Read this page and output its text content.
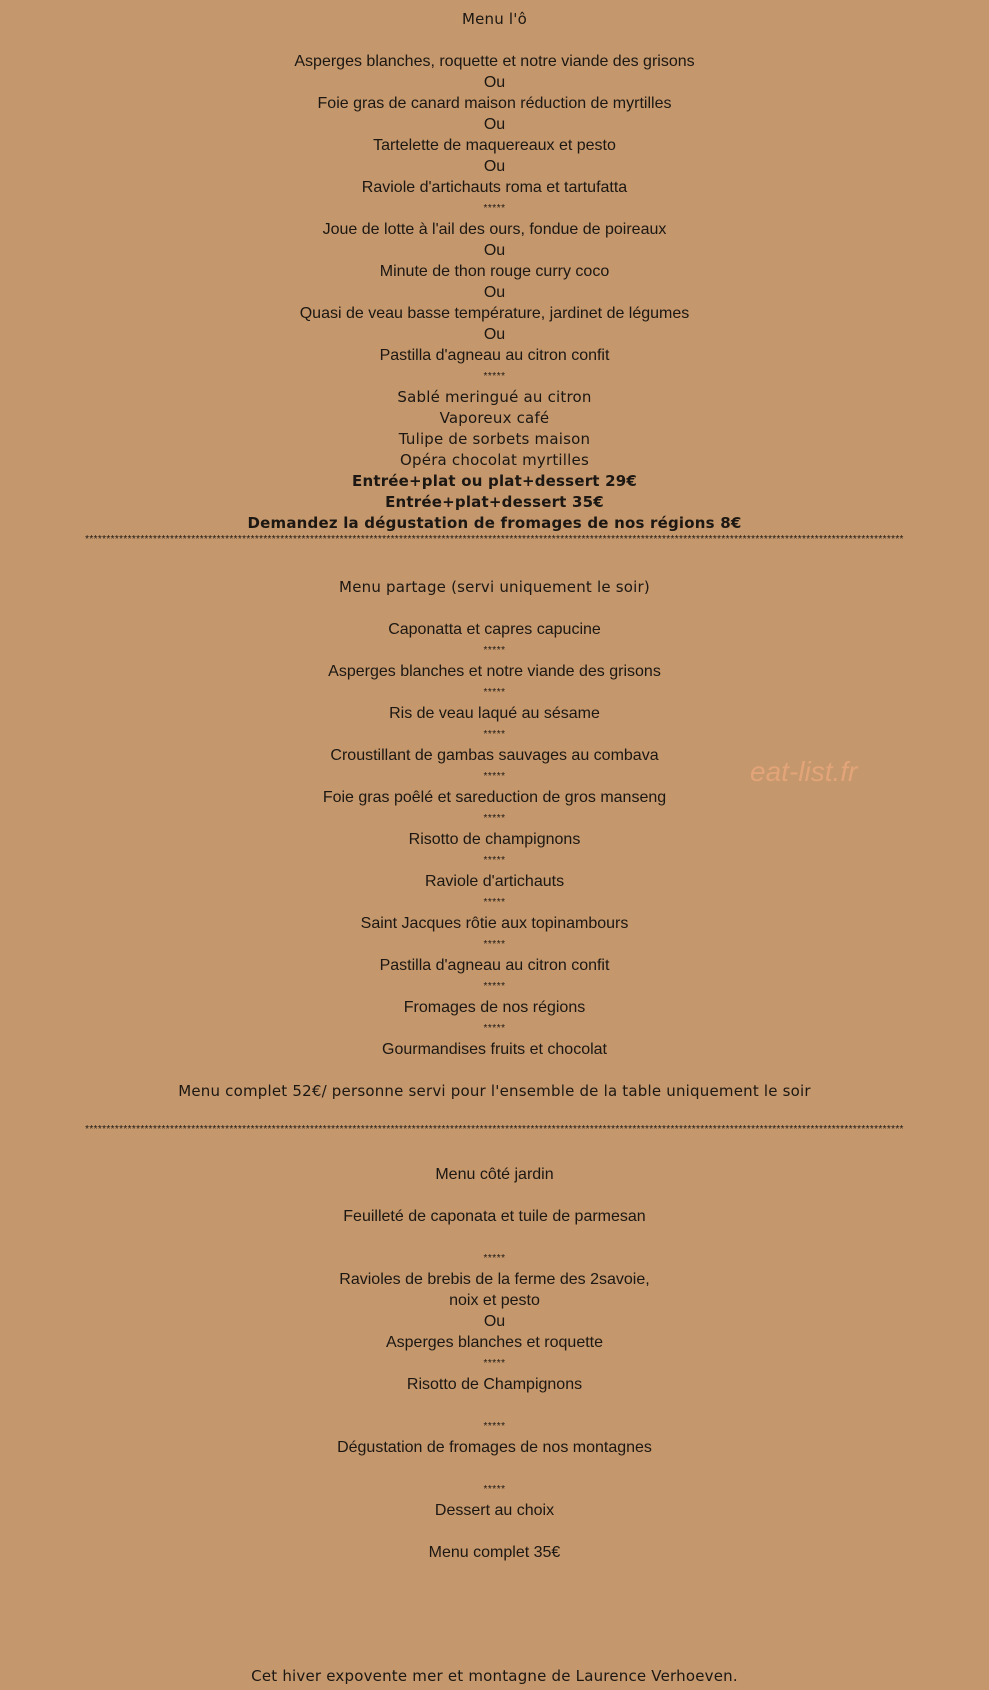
Menu l'ô
Asperges blanches, roquette et notre viande des grisons
Ou
Foie gras de canard maison réduction de myrtilles
Ou
Tartelette de maquereaux et pesto
Ou
Raviole d'artichauts roma et tartufatta
*****
Joue de lotte à l'ail des ours, fondue de poireaux
Ou
Minute de thon rouge curry coco
Ou
Quasi de veau basse température, jardinet de légumes
Ou
Pastilla d'agneau au citron confit
*****
Sablé meringué au citron
Vaporeux café
Tulipe de sorbets maison
Opéra chocolat myrtilles
Entrée+plat ou plat+dessert 29€
Entrée+plat+dessert 35€
Demandez la dégustation de fromages de nos régions 8€
*************************************************************************************************************************************************************************************************
Menu partage (servi uniquement le soir)
Caponatta et capres capucine
*****
Asperges blanches et notre viande des grisons
*****
Ris de veau laqué au sésame
*****
Croustillant de gambas sauvages au combava
*****
Foie gras poêlé et sareduction de gros manseng
*****
Risotto de champignons
*****
Raviole d'artichauts
*****
Saint Jacques rôtie aux topinambours
*****
Pastilla d'agneau au citron confit
*****
Fromages de nos régions
*****
Gourmandises fruits et chocolat
Menu complet 52€/ personne servi pour l'ensemble de la table uniquement le soir
*************************************************************************************************************************************************************************************************
Menu côté jardin
Feuilleté de caponata et tuile de parmesan
*****
Ravioles de brebis de la ferme des 2savoie,
noix et pesto
Ou
Asperges blanches et roquette
*****
Risotto de Champignons
*****
Dégustation de fromages de nos montagnes
*****
Dessert au choix
Menu complet 35€
eat-list.fr
Cet hiver expovente mer et montagne de Laurence Verhoeven.
